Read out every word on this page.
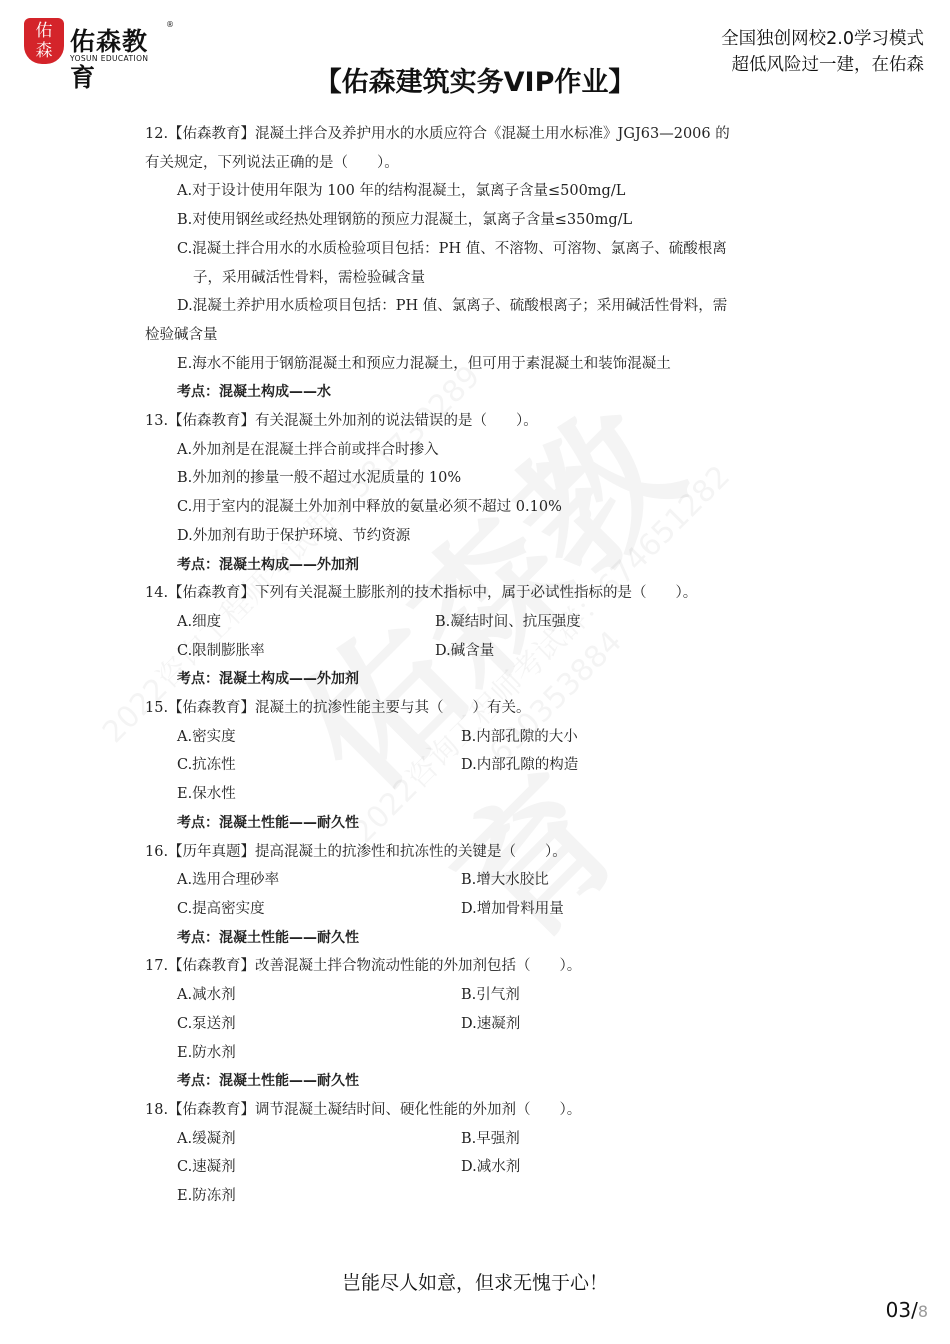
佑
森 佑森教育
®
YOSUN EDUCATION
全国独创网校2.0学习模式
超低风险过一建，在佑森
【佑森建筑实务VIP作业】
12.【佑森教育】混凝土拌合及养护用水的水质应符合《混凝土用水标准》JGJ63—2006 的
有关规定，下列说法正确的是（　　）。
A.对于设计使用年限为 100 年的结构混凝土，氯离子含量≤500mg/L
B.对使用钢丝或经热处理钢筋的预应力混凝土，氯离子含量≤350mg/L
C.混凝土拌合用水的水质检验项目包括：PH 值、不溶物、可溶物、氯离子、硫酸根离
子，采用碱活性骨料，需检验碱含量
D.混凝土养护用水质检项目包括：PH 值、氯离子、硫酸根离子；采用碱活性骨料，需
检验碱含量
E.海水不能用于钢筋混凝土和预应力混凝土，但可用于素混凝土和装饰混凝土
考点：混凝土构成——水
13.【佑森教育】有关混凝土外加剂的说法错误的是（　　）。
A.外加剂是在混凝土拌合前或拌合时掺入
B.外加剂的掺量一般不超过水泥质量的 10%
C.用于室内的混凝土外加剂中释放的氨量必须不超过 0.10%
D.外加剂有助于保护环境、节约资源
考点：混凝土构成——外加剂
14.【佑森教育】下列有关混凝土膨胀剂的技术指标中，属于必试性指标的是（　　）。
A.细度	B.凝结时间、抗压强度
C.限制膨胀率	D.碱含量
考点：混凝土构成——外加剂
15.【佑森教育】混凝土的抗渗性能主要与其（　　）有关。
A.密实度	B.内部孔隙的大小
C.抗冻性	D.内部孔隙的构造
E.保水性
考点：混凝土性能——耐久性
16.【历年真题】提高混凝土的抗渗性和抗冻性的关键是（　　）。
A.选用合理砂率	B.增大水胶比
C.提高密实度	D.增加骨料用量
考点：混凝土性能——耐久性
17.【佑森教育】改善混凝土拌合物流动性能的外加剂包括（　　）。
A.减水剂	B.引气剂
C.泵送剂	D.速凝剂
E.防水剂
考点：混凝土性能——耐久性
18.【佑森教育】调节混凝土凝结时间、硬化性能的外加剂（　　）。
A.缓凝剂	B.早强剂
C.速凝剂	D.减水剂
E.防冻剂
岂能尽人如意，但求无愧于心！
03/8
